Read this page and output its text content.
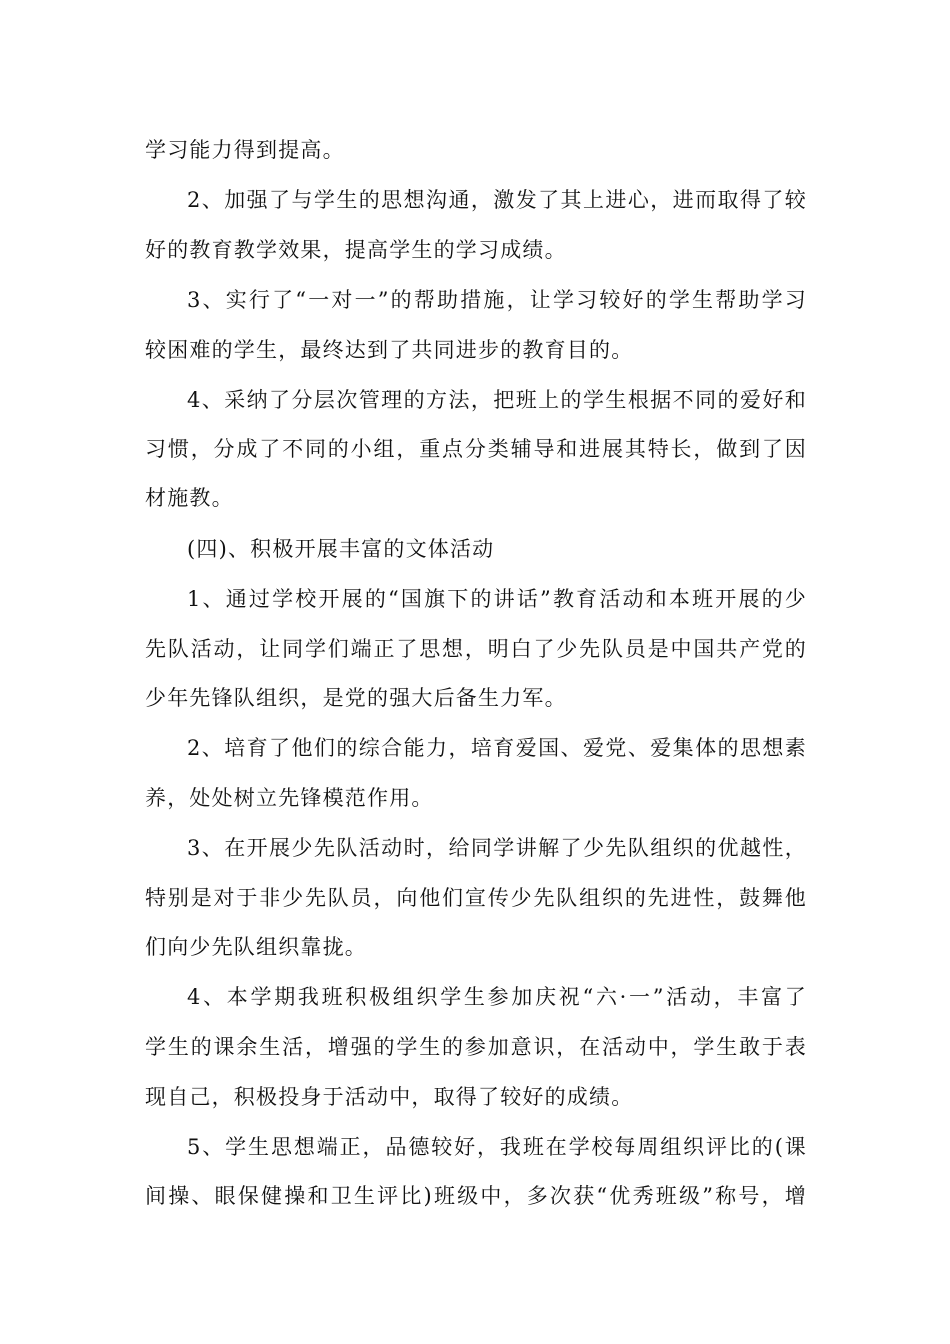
学习能力得到提高。
2、加强了与学生的思想沟通，激发了其上进心，进而取得了较
好的教育教学效果，提高学生的学习成绩。
3、实行了“一对一”的帮助措施，让学习较好的学生帮助学习
较困难的学生，最终达到了共同进步的教育目的。
4、采纳了分层次管理的方法，把班上的学生根据不同的爱好和
习惯，分成了不同的小组，重点分类辅导和进展其特长，做到了因
材施教。
(四)、积极开展丰富的文体活动
1、通过学校开展的“国旗下的讲话”教育活动和本班开展的少
先队活动，让同学们端正了思想，明白了少先队员是中国共产党的
少年先锋队组织，是党的强大后备生力军。
2、培育了他们的综合能力，培育爱国、爱党、爱集体的思想素
养，处处树立先锋模范作用。
3、在开展少先队活动时，给同学讲解了少先队组织的优越性，
特别是对于非少先队员，向他们宣传少先队组织的先进性，鼓舞他
们向少先队组织靠拢。
4、本学期我班积极组织学生参加庆祝“六·一”活动，丰富了
学生的课余生活，增强的学生的参加意识，在活动中，学生敢于表
现自己，积极投身于活动中，取得了较好的成绩。
5、学生思想端正，品德较好，我班在学校每周组织评比的(课
间操、眼保健操和卫生评比)班级中，多次获“优秀班级”称号，增
